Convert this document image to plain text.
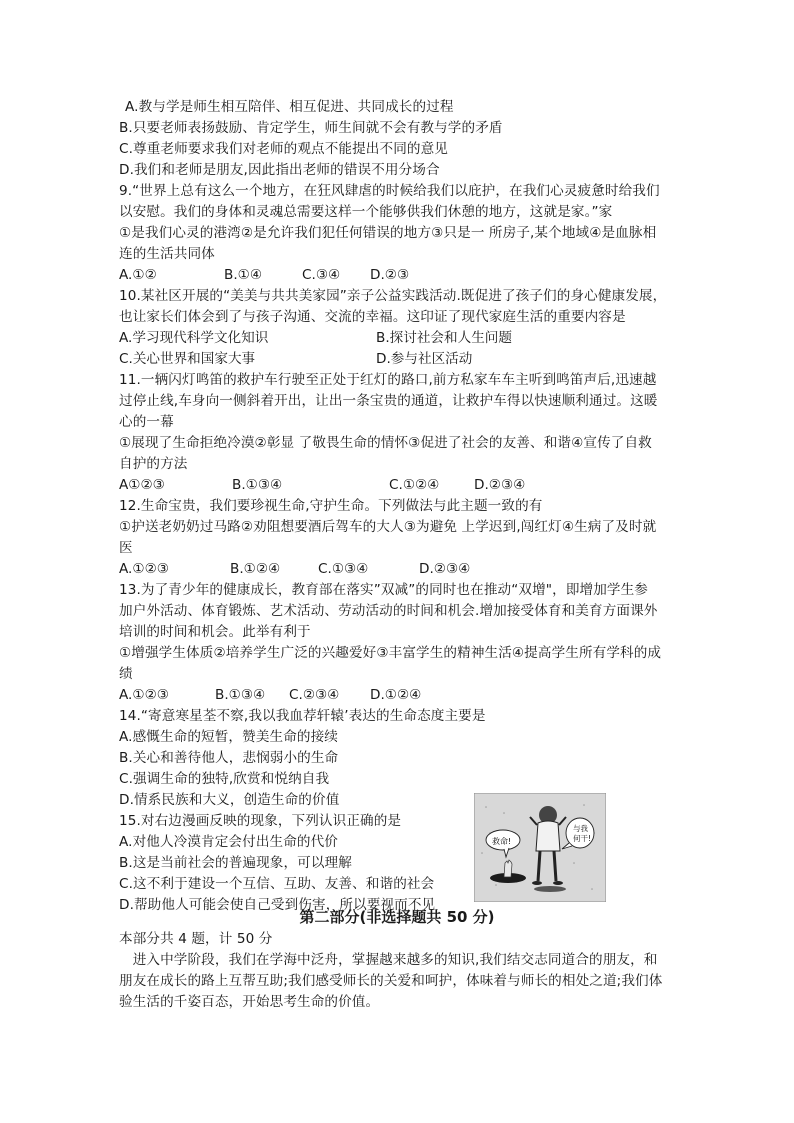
A.教与学是师生相互陪伴、相互促进、共同成长的过程
B.只要老师表扬鼓励、肯定学生，师生间就不会有教与学的矛盾
C.尊重老师要求我们对老师的观点不能提出不同的意见
D.我们和老师是朋友,因此指出老师的错误不用分场合
9.“世界上总有这么一个地方，在狂风肆虐的时候给我们以庇护，在我们心灵疲惫时给我们
以安慰。我们的身体和灵魂总需要这样一个能够供我们休憩的地方，这就是家。”家
①是我们心灵的港湾②是允许我们犯任何错误的地方③只是一 所房子,某个地域④是血脉相
连的生活共同体
A.①②	B.①④	C.③④ D.②③
10.某社区开展的“美美与共共美家园”亲子公益实践活动.既促进了孩子们的身心健康发展，
也让家长们体会到了与孩子沟通、交流的幸福。这印证了现代家庭生活的重要内容是
A.学习现代科学文化知识	B.探讨社会和人生问题
C.关心世界和国家大事	D.参与社区活动
11.一辆闪灯鸣笛的救护车行驶至正处于红灯的路口,前方私家车车主听到鸣笛声后,迅速越
过停止线,车身向一侧斜着开出，让出一条宝贵的通道，让救护车得以快速顺利通过。这暖
心的一幕
①展现了生命拒绝冷漠②彰显 了敬畏生命的情怀③促进了社会的友善、和谐④宣传了自救
自护的方法
A①②③	B.①③④	C.①②④	D.②③④
12.生命宝贵，我们要珍视生命,守护生命。下列做法与此主题一致的有
①护送老奶奶过马路②劝阻想要酒后驾车的大人③为避免 上学迟到,闯红灯④生病了及时就
医
A.①②③	B.①②④	C.①③④	D.②③④
13.为了青少年的健康成长，教育部在落实”双减”的同时也在推动“双增"，即增加学生参
加户外活动、体育锻炼、艺术活动、劳动活动的时间和机会.增加接受体育和美育方面课外
培训的时间和机会。此举有利于
①增强学生体质②培养学生广泛的兴趣爱好③丰富学生的精神生活④提高学生所有学科的成
绩
A.①②③	B.①③④ C.②③④ D.①②④
14.“寄意寒星荃不察,我以我血荐轩辕’表达的生命态度主要是
A.感慨生命的短暂，赞美生命的接续
B.关心和善待他人，悲悯弱小的生命
C.强调生命的独特,欣赏和悦纳自我
D.情系民族和大义，创造生命的价值
15.对右边漫画反映的现象，下列认识正确的是
A.对他人冷漠肯定会付出生命的代价
B.这是当前社会的普遍现象，可以理解
C.这不利于建设一个互信、互助、友善、和谐的社会
D.帮助他人可能会使自己受到伤害，所以要视而不见
救命!
与我
何干!
第二部分(非选择题共 50 分)
本部分共 4 题，计 50 分
　进入中学阶段，我们在学海中泛舟，掌握越来越多的知识,我们结交志同道合的朋友，和
朋友在成长的路上互帮互助;我们感受师长的关爱和呵护，体味着与师长的相处之道;我们体
验生活的千姿百态，开始思考生命的价值。
